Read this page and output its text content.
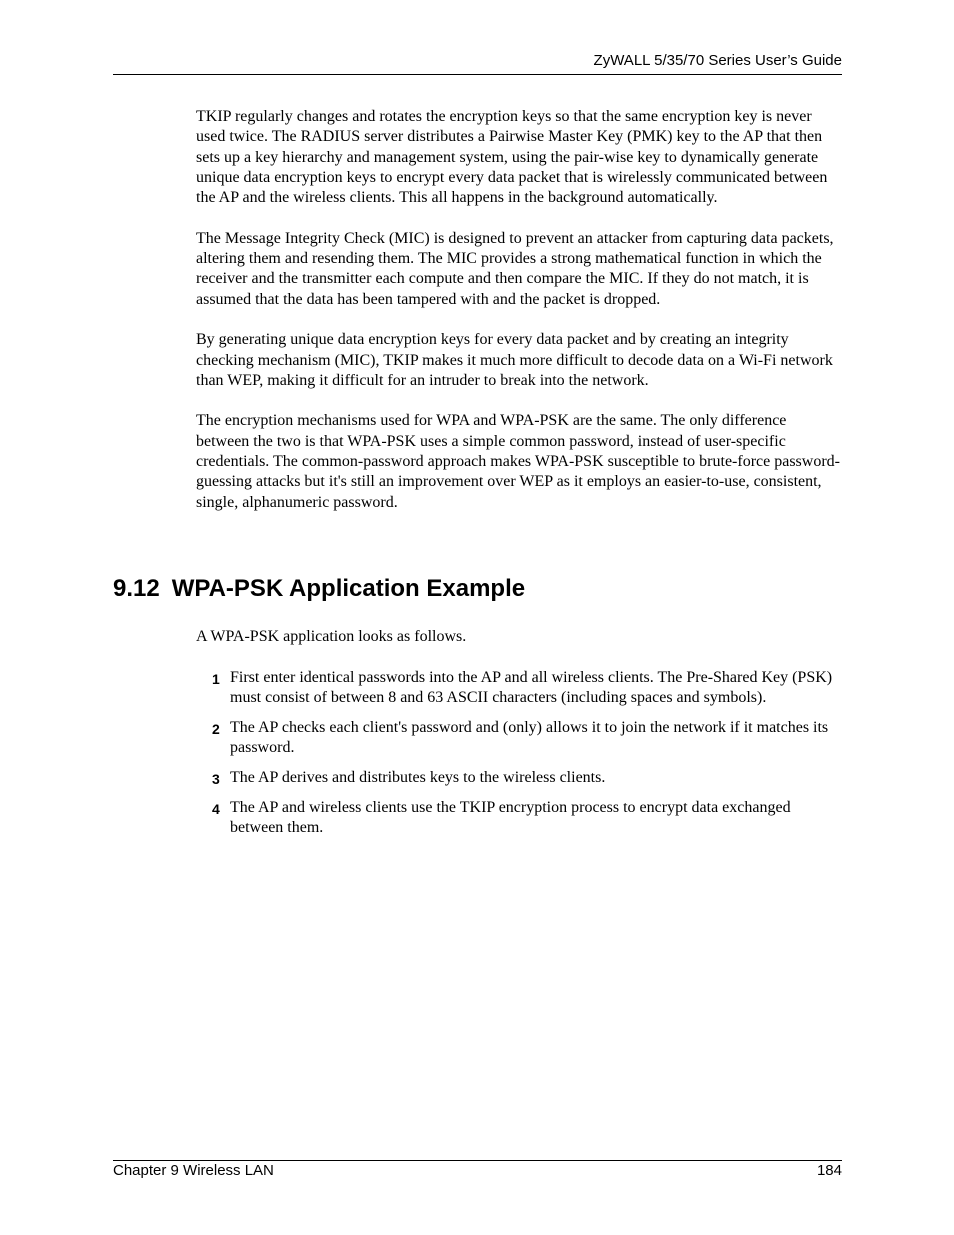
ZyWALL 5/35/70 Series User’s Guide

TKIP regularly changes and rotates the encryption keys so that the same encryption key is never used twice. The RADIUS server distributes a Pairwise Master Key (PMK) key to the AP that then sets up a key hierarchy and management system, using the pair-wise key to dynamically generate unique data encryption keys to encrypt every data packet that is wirelessly communicated between the AP and the wireless clients. This all happens in the background automatically.

The Message Integrity Check (MIC) is designed to prevent an attacker from capturing data packets, altering them and resending them. The MIC provides a strong mathematical function in which the receiver and the transmitter each compute and then compare the MIC. If they do not match, it is assumed that the data has been tampered with and the packet is dropped.

By generating unique data encryption keys for every data packet and by creating an integrity checking mechanism (MIC), TKIP makes it much more difficult to decode data on a Wi-Fi network than WEP, making it difficult for an intruder to break into the network.

The encryption mechanisms used for WPA and WPA-PSK are the same. The only difference between the two is that WPA-PSK uses a simple common password, instead of user-specific credentials. The common-password approach makes WPA-PSK susceptible to brute-force password-guessing attacks but it's still an improvement over WEP as it employs an easier-to-use, consistent, single, alphanumeric password.

9.12 WPA-PSK Application Example

A WPA-PSK application looks as follows.

1 First enter identical passwords into the AP and all wireless clients. The Pre-Shared Key (PSK) must consist of between 8 and 63 ASCII characters (including spaces and symbols).
2 The AP checks each client's password and (only) allows it to join the network if it matches its password.
3 The AP derives and distributes keys to the wireless clients.
4 The AP and wireless clients use the TKIP encryption process to encrypt data exchanged between them.
Chapter 9 Wireless LAN	184
